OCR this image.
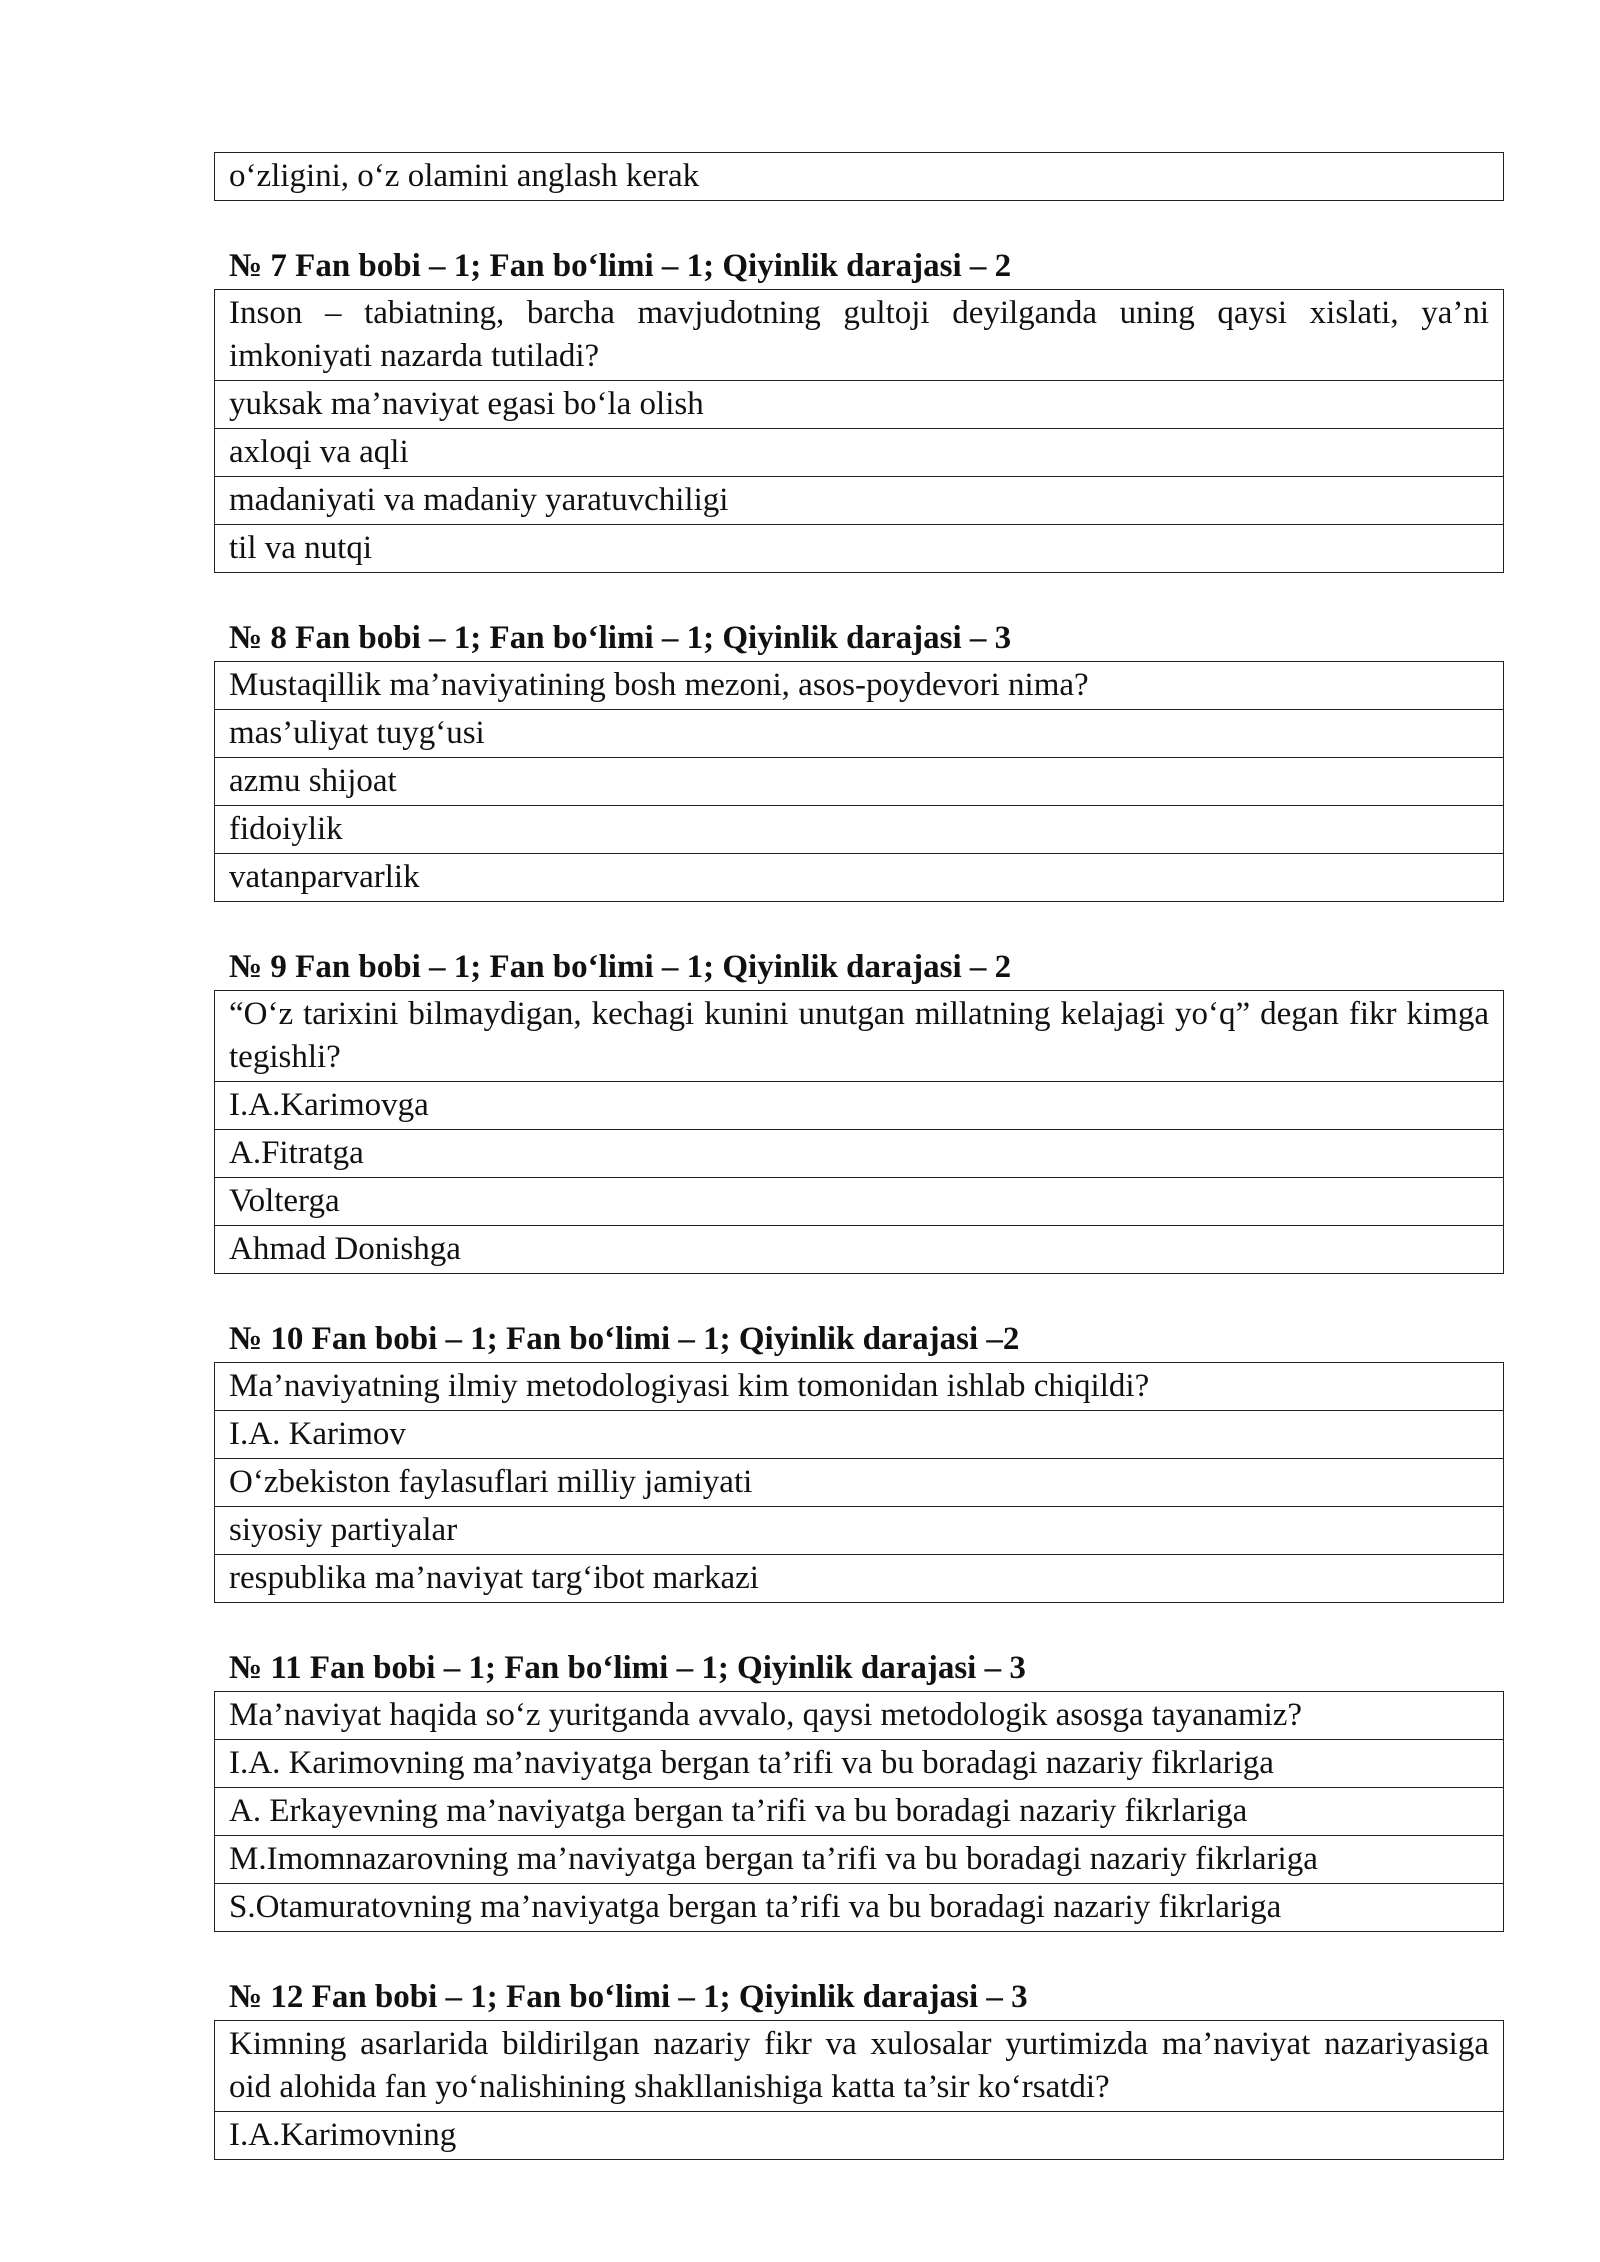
o‘zligini, o‘z olamini anglash kerak

№ 7 Fan bobi – 1; Fan bo‘limi – 1; Qiyinlik darajasi – 2

Inson – tabiatning, barcha mavjudotning gultoji deyilganda uning qaysi xislati, ya’ni imkoniyati nazarda tutiladi?
yuksak ma’naviyat egasi bo‘la olish
axloqi va aqli
madaniyati va madaniy yaratuvchiligi
til va nutqi

№ 8 Fan bobi – 1; Fan bo‘limi – 1; Qiyinlik darajasi – 3

Mustaqillik ma’naviyatining bosh mezoni, asos-poydevori nima?
mas’uliyat tuyg‘usi
azmu shijoat
fidoiylik
vatanparvarlik

№ 9 Fan bobi – 1; Fan bo‘limi – 1; Qiyinlik darajasi – 2

“O‘z tarixini bilmaydigan, kechagi kunini unutgan millatning kelajagi yo‘q” degan fikr kimga tegishli?
I.A.Karimovga
A.Fitratga
Volterga
Ahmad Donishga

№ 10 Fan bobi – 1; Fan bo‘limi – 1; Qiyinlik darajasi –2

Ma’naviyatning ilmiy metodologiyasi kim tomonidan ishlab chiqildi?
I.A. Karimov
O‘zbekiston faylasuflari milliy jamiyati
siyosiy partiyalar
respublika ma’naviyat targ‘ibot markazi

№ 11 Fan bobi – 1; Fan bo‘limi – 1; Qiyinlik darajasi – 3

Ma’naviyat haqida so‘z yuritganda avvalo, qaysi metodologik asosga tayanamiz?
I.A. Karimovning ma’naviyatga bergan ta’rifi va bu boradagi nazariy fikrlariga
A. Erkayevning ma’naviyatga bergan ta’rifi va bu boradagi nazariy fikrlariga
M.Imomnazarovning ma’naviyatga bergan ta’rifi va bu boradagi nazariy fikrlariga
S.Otamuratovning ma’naviyatga bergan ta’rifi va bu boradagi nazariy fikrlariga

№ 12 Fan bobi – 1; Fan bo‘limi – 1; Qiyinlik darajasi – 3

Kimning asarlarida bildirilgan nazariy fikr va xulosalar yurtimizda ma’naviyat nazariyasiga oid alohida fan yo‘nalishining shakllanishiga katta ta’sir ko‘rsatdi?
I.A.Karimovning
